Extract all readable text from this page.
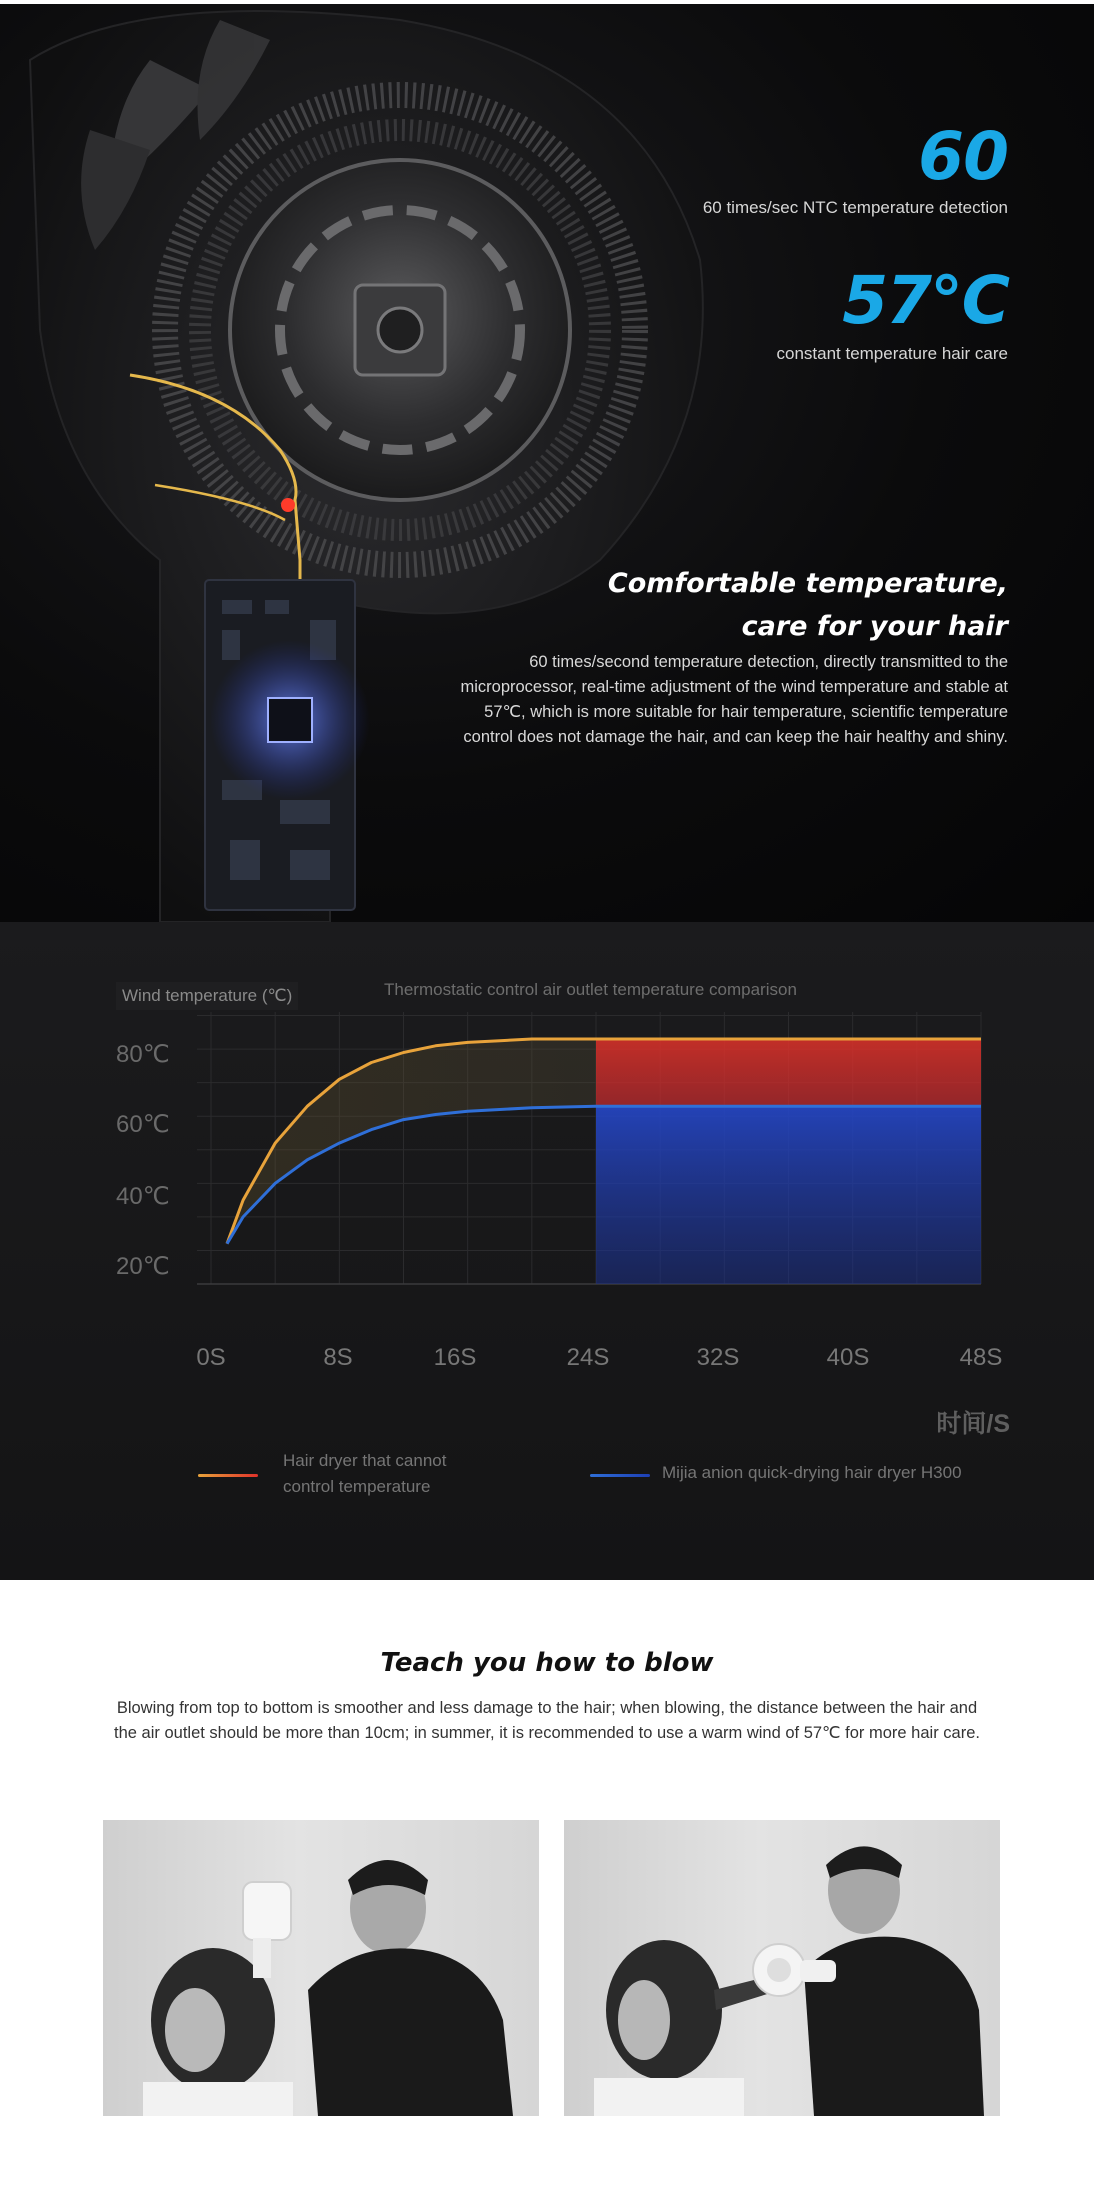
60
60 times/sec NTC temperature detection
57℃
constant temperature hair care
Comfortable temperature,
care for your hair

60 times/second temperature detection, directly transmitted to the microprocessor, real-time adjustment of the wind temperature and stable at 57℃, which is more suitable for hair temperature, scientific temperature control does not damage the hair, and can keep the hair healthy and shiny.

Wind temperature (℃)	Thermostatic control air outlet temperature comparison
80℃
60℃
40℃
20℃
0S	8S	16S	24S	32S	40S	48S
时间/S
Hair dryer that cannot
control temperature
Mijia anion quick-drying hair dryer H300
Teach you how to blow

Blowing from top to bottom is smoother and less damage to the hair; when blowing, the distance between the hair and the air outlet should be more than 10cm; in summer, it is recommended to use a warm wind of 57℃ for more hair care.
